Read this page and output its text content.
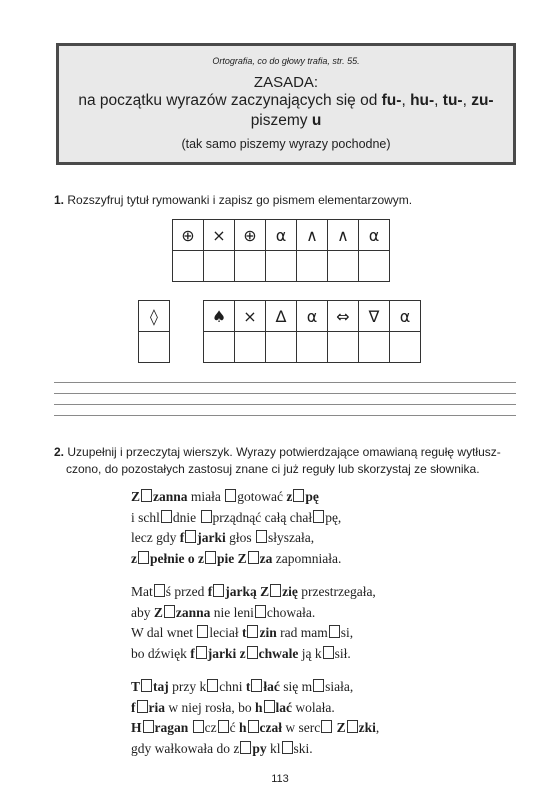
Ortografia, co do głowy trafia, str. 55.
ZASADA:
na początku wyrazów zaczynających się od fu-, hu-, tu-, zu-
piszemy u
(tak samo piszemy wyrazy pochodne)
1. Rozszyfruj tytuł rymowanki i zapisz go pismem elementarzowym.
⊕	×	⊕	α	∧	∧	α

◊	♠	×	∆	α	⇔	∇	α

2. Uzupełnij i przeczytaj wierszyk. Wyrazy potwierdzające omawianą regułę wytłusz-
czono, do pozostałych zastosuj znane ci już reguły lub skorzystaj ze słownika.
Z zanna miała gotować z pę
i schl dnie prządnąć całą chał pę,
lecz gdy f jarki głos słyszała,
z pełnie o z pie Z za zapomniała.
Mat ś przed f jarką Z zię przestrzegała,
aby Z zanna nie leni chowała.
W dal wnet leciał t zin rad mam si,
bo dźwięk f jarki z chwale ją k sił.
T taj przy k chni t łać się m siała,
f ria w niej rosła, bo h lać wolała.
H ragan cz ć h czał w serc Z zki,
gdy wałkowała do z py kl ski.
113
